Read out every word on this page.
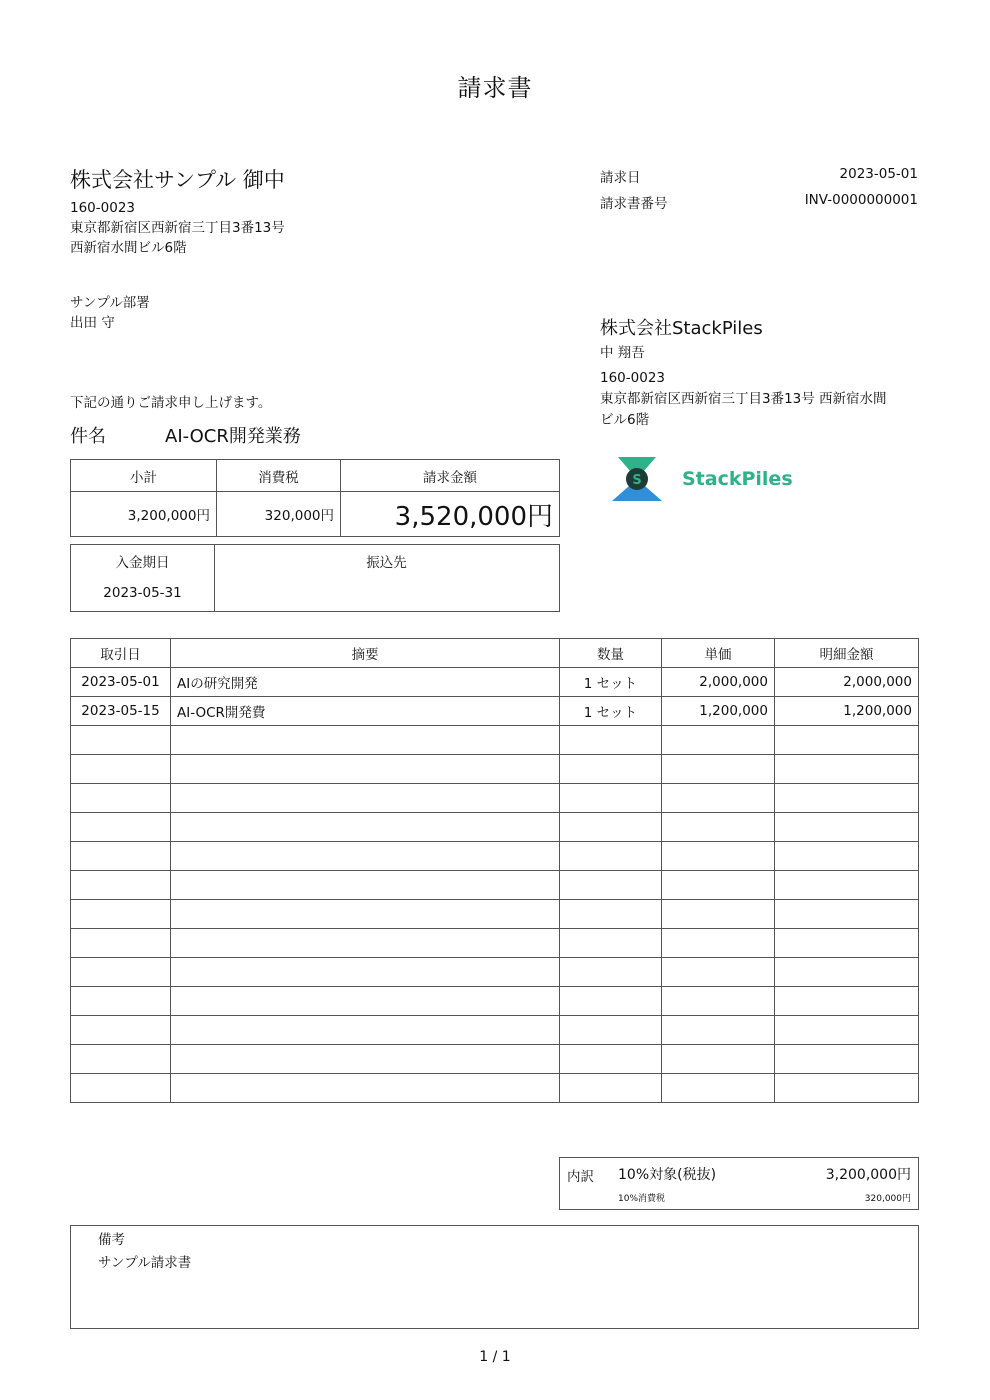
請求書
株式会社サンプル 御中
160-0023
東京都新宿区西新宿三丁目3番13号
西新宿水間ビル6階
サンプル部署
出田 守
請求日	2023-05-01
請求書番号	INV-0000000001
株式会社StackPiles
中 翔吾
160-0023
東京都新宿区西新宿三丁目3番13号 西新宿水間
ビル6階
S StackPiles
下記の通りご請求申し上げます。
件名	AI-OCR開発業務
小計	消費税	請求金額
3,200,000円	320,000円	3,520,000円
入金期日
2023-05-31
振込先
取引日	摘要	数量	単価	明細金額
2023-05-01	AIの研究開発	1 セット	2,000,000	2,000,000
2023-05-15	AI-OCR開発費	1 セット	1,200,000	1,200,000

内訳 10%対象(税抜)	3,200,000円
10%消費税	320,000円
備考
サンプル請求書
1 / 1
